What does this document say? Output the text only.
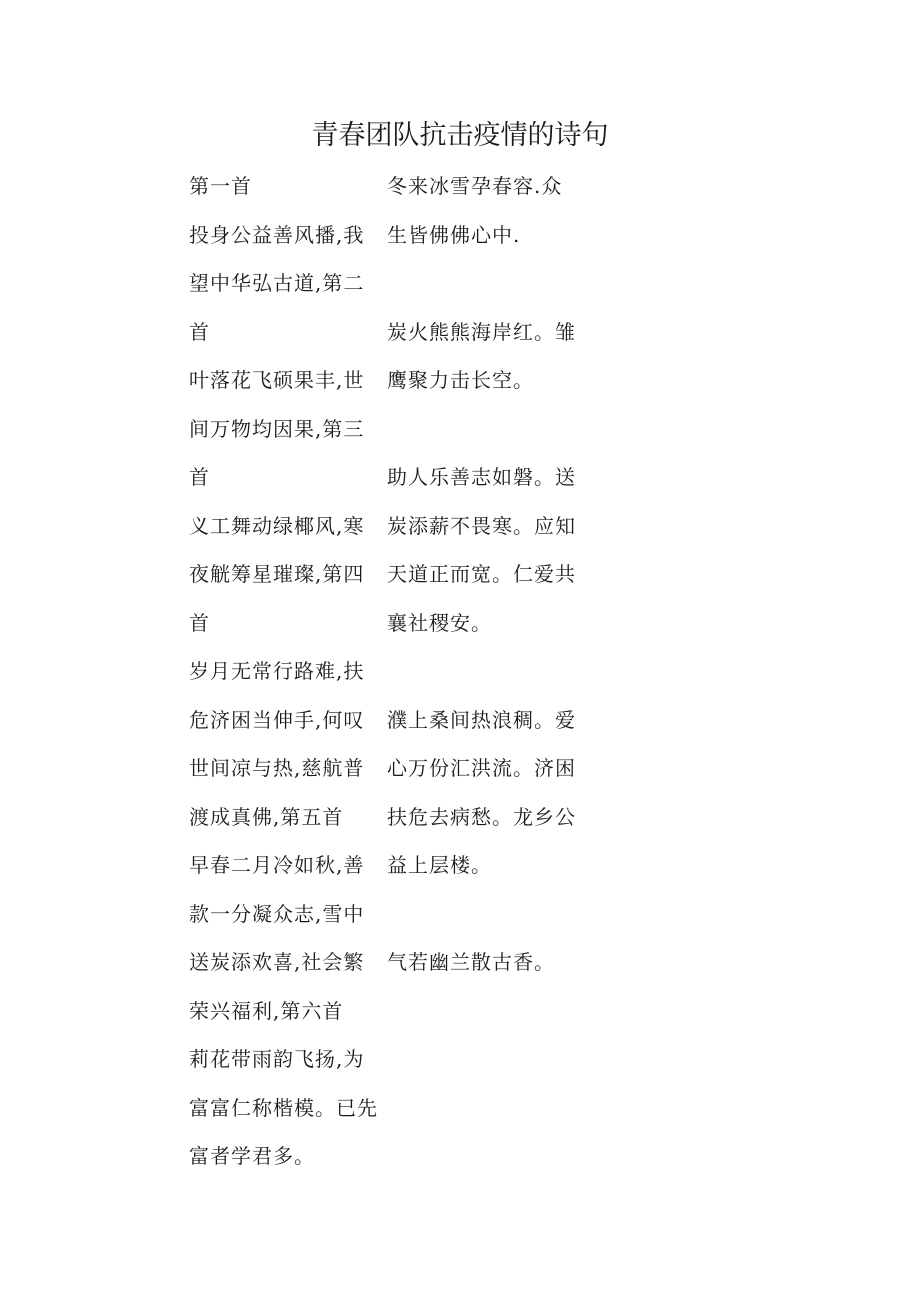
青春团队抗击疫情的诗句
第一首
投身公益善风播,我
望中华弘古道,第二
首
叶落花飞硕果丰,世
间万物均因果,第三
首
义工舞动绿椰风,寒
夜觥筹星璀璨,第四
首
岁月无常行路难,扶
危济困当伸手,何叹
世间凉与热,慈航普
渡成真佛,第五首
早春二月冷如秋,善
款一分凝众志,雪中
送炭添欢喜,社会繁
荣兴福利,第六首
莉花带雨韵飞扬,为
富富仁称楷模。已先
富者学君多。
冬来冰雪孕春容.众
生皆佛佛心中.
炭火熊熊海岸红。雏
鹰聚力击长空。
助人乐善志如磐。送
炭添薪不畏寒。应知
天道正而宽。仁爱共
襄社稷安。
濮上桑间热浪稠。爱
心万份汇洪流。济困
扶危去病愁。龙乡公
益上层楼。
气若幽兰散古香。
